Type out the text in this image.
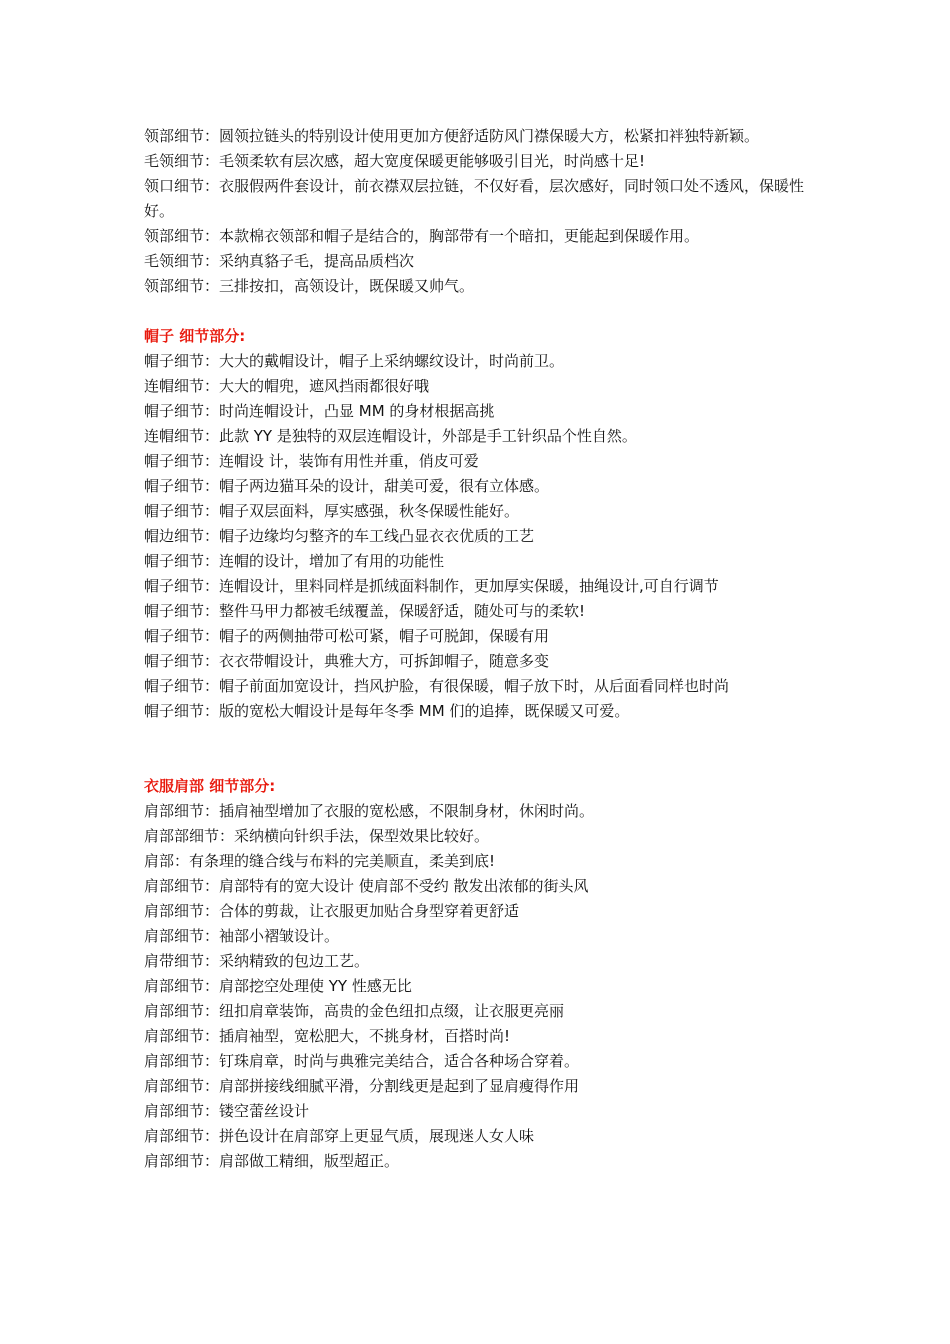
领部细节：圆领拉链头的特别设计使用更加方便舒适防风门襟保暖大方，松紧扣袢独特新颖。

毛领细节：毛领柔软有层次感，超大宽度保暖更能够吸引目光，时尚感十足!

领口细节：衣服假两件套设计，前衣襟双层拉链，不仅好看，层次感好，同时领口处不透风，保暖性好。

领部细节：本款棉衣领部和帽子是结合的，胸部带有一个暗扣，更能起到保暖作用。

毛领细节：采纳真貉子毛，提高品质档次

领部细节：三排按扣，高领设计，既保暖又帅气。

帽子 细节部分:

帽子细节：大大的戴帽设计，帽子上采纳螺纹设计，时尚前卫。

连帽细节：大大的帽兜，遮风挡雨都很好哦

帽子细节：时尚连帽设计，凸显 MM 的身材根据高挑

连帽细节：此款 YY 是独特的双层连帽设计，外部是手工针织品个性自然。

帽子细节：连帽设 计，装饰有用性并重，俏皮可爱

帽子细节：帽子两边猫耳朵的设计，甜美可爱，很有立体感。

帽子细节：帽子双层面料，厚实感强，秋冬保暖性能好。

帽边细节：帽子边缘均匀整齐的车工线凸显衣衣优质的工艺

帽子细节：连帽的设计，增加了有用的功能性

帽子细节：连帽设计，里料同样是抓绒面料制作，更加厚实保暖，抽绳设计,可自行调节

帽子细节：整件马甲力都被毛绒覆盖，保暖舒适，随处可与的柔软!

帽子细节：帽子的两侧抽带可松可紧，帽子可脱卸，保暖有用

帽子细节：衣衣带帽设计，典雅大方，可拆卸帽子，随意多变

帽子细节：帽子前面加宽设计，挡风护脸，有很保暖，帽子放下时，从后面看同样也时尚

帽子细节：版的宽松大帽设计是每年冬季 MM 们的追捧，既保暖又可爱。

衣服肩部 细节部分:

肩部细节：插肩袖型增加了衣服的宽松感，不限制身材，休闲时尚。

肩部部细节：采纳横向针织手法，保型效果比较好。

肩部：有条理的缝合线与布料的完美顺直，柔美到底!

肩部细节：肩部特有的宽大设计 使肩部不受约 散发出浓郁的街头风

肩部细节：合体的剪裁，让衣服更加贴合身型穿着更舒适

肩部细节：袖部小褶皱设计。

肩带细节：采纳精致的包边工艺。

肩部细节：肩部挖空处理使 YY 性感无比

肩部细节：纽扣肩章装饰，高贵的金色纽扣点缀，让衣服更亮丽

肩部细节：插肩袖型，宽松肥大，不挑身材，百搭时尚!

肩部细节：钉珠肩章，时尚与典雅完美结合，适合各种场合穿着。

肩部细节：肩部拼接线细腻平滑，分割线更是起到了显肩瘦得作用

肩部细节：镂空蕾丝设计

肩部细节：拼色设计在肩部穿上更显气质，展现迷人女人味

肩部细节：肩部做工精细，版型超正。
